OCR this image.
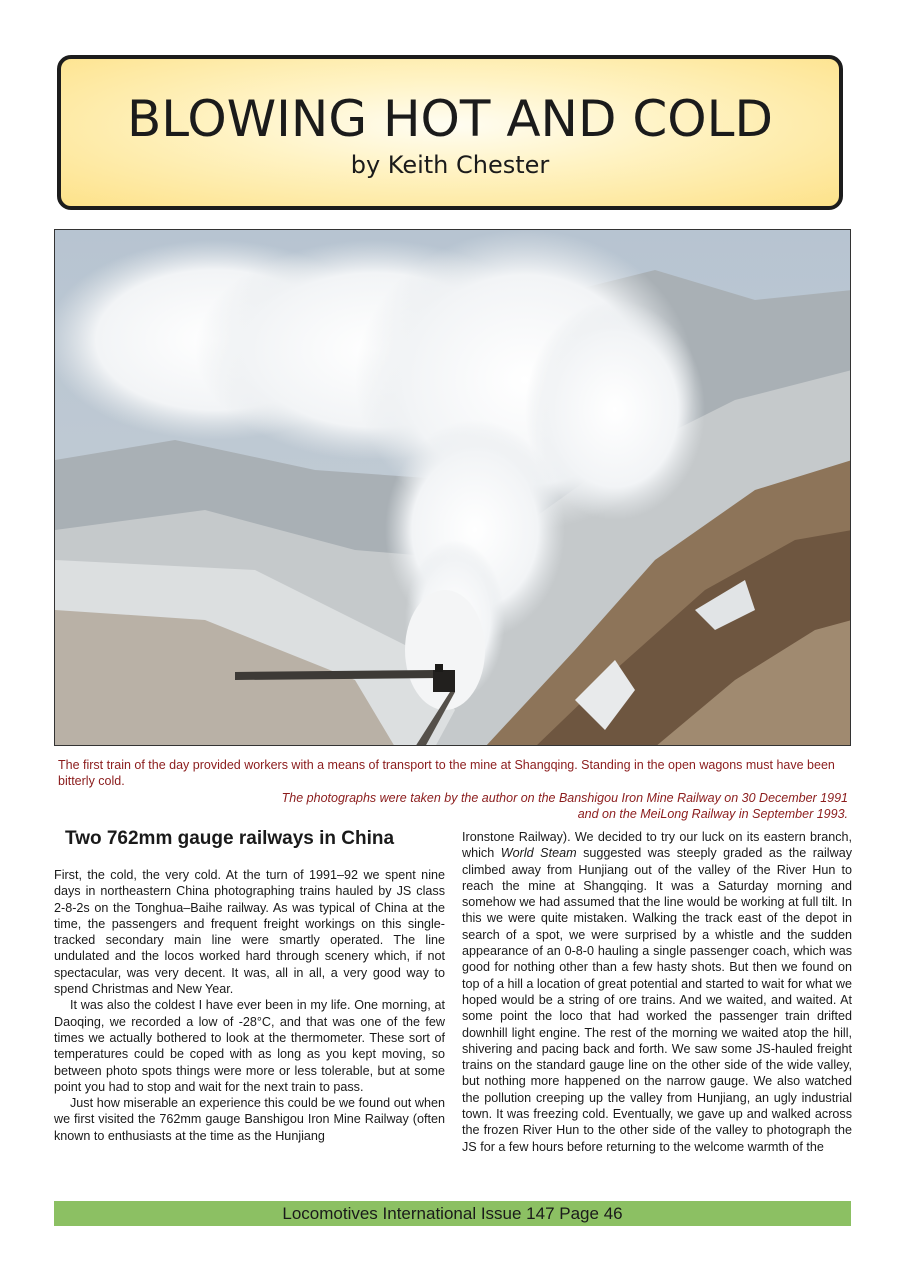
BLOWING HOT AND COLD
by Keith Chester
The first train of the day provided workers with a means of transport to the mine at Shangqing. Standing in the open wagons must have been bitterly cold.
The photographs were taken by the author on the Banshigou Iron Mine Railway on 30 December 1991
and on the MeiLong Railway in September 1993.
Two 762mm gauge railways in China

First, the cold, the very cold. At the turn of 1991–92 we spent nine days in northeastern China photographing trains hauled by JS class 2-8-2s on the Tonghua–Baihe railway. As was typical of China at the time, the passengers and frequent freight workings on this single-tracked secondary main line were smartly operated. The line undulated and the locos worked hard through scenery which, if not spectacular, was very decent. It was, all in all, a very good way to spend Christmas and New Year.

It was also the coldest I have ever been in my life. One morning, at Daoqing, we recorded a low of -28°C, and that was one of the few times we actually bothered to look at the thermometer. These sort of temperatures could be coped with as long as you kept moving, so between photo spots things were more or less tolerable, but at some point you had to stop and wait for the next train to pass.

Just how miserable an experience this could be we found out when we first visited the 762mm gauge Banshigou Iron Mine Railway (often known to enthusiasts at the time as the Hunjiang

Ironstone Railway). We decided to try our luck on its eastern branch, which World Steam suggested was steeply graded as the railway climbed away from Hunjiang out of the valley of the River Hun to reach the mine at Shangqing. It was a Saturday morning and somehow we had assumed that the line would be working at full tilt. In this we were quite mistaken. Walking the track east of the depot in search of a spot, we were surprised by a whistle and the sudden appearance of an 0-8-0 hauling a single passenger coach, which was good for nothing other than a few hasty shots. But then we found on top of a hill a location of great potential and started to wait for what we hoped would be a string of ore trains. And we waited, and waited. At some point the loco that had worked the passenger train drifted downhill light engine. The rest of the morning we waited atop the hill, shivering and pacing back and forth. We saw some JS-hauled freight trains on the standard gauge line on the other side of the wide valley, but nothing more happened on the narrow gauge. We also watched the pollution creeping up the valley from Hunjiang, an ugly industrial town. It was freezing cold. Eventually, we gave up and walked across the frozen River Hun to the other side of the valley to photograph the JS for a few hours before returning to the welcome warmth of the

Locomotives International Issue 147 Page 46
